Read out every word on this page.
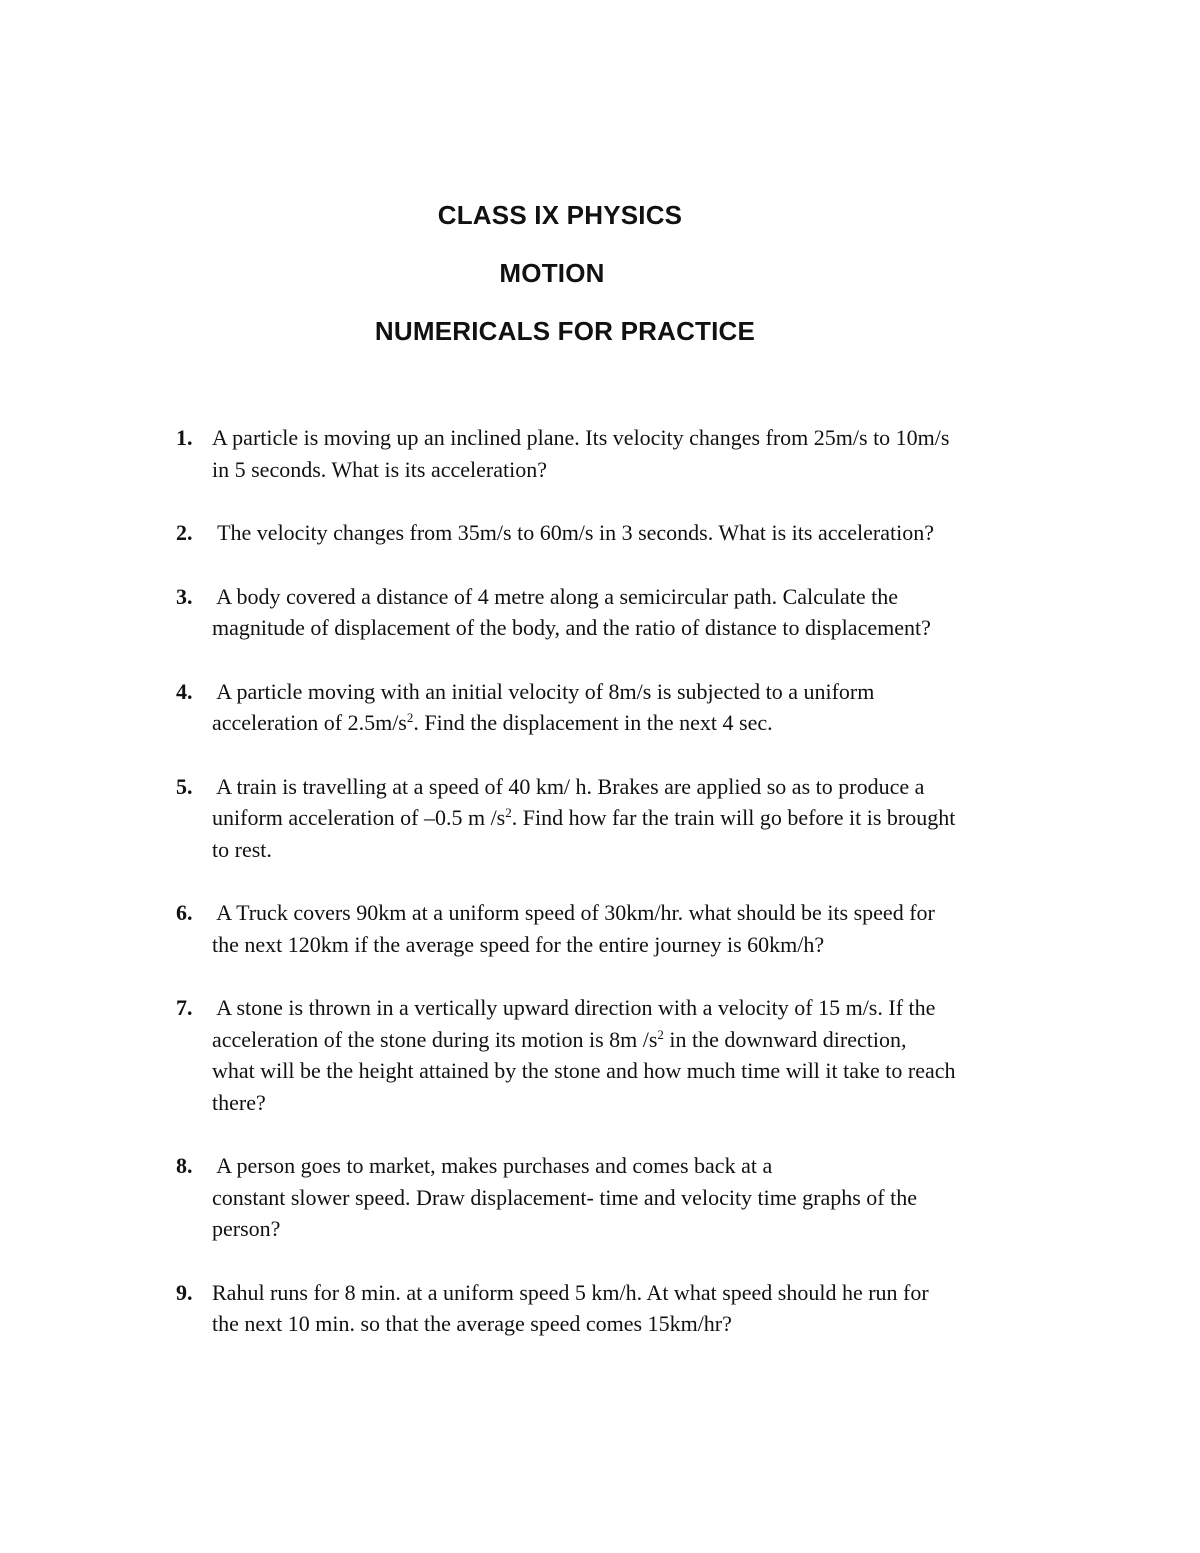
CLASS IX PHYSICS
MOTION
NUMERICALS FOR PRACTICE
1. A particle is moving up an inclined plane. Its velocity changes from 25m/s to 10m/s
in 5 seconds. What is its acceleration?
2. The velocity changes from 35m/s to 60m/s in 3 seconds. What is its acceleration?
3. A body covered a distance of 4 metre along a semicircular path. Calculate the
magnitude of displacement of the body, and the ratio of distance to displacement?
4. A particle moving with an initial velocity of 8m/s is subjected to a uniform
acceleration of $2.5m/s^2$. Find the displacement in the next 4 sec.
5. A train is travelling at a speed of 40 km/ h. Brakes are applied so as to produce a
uniform acceleration of –0.5 m $/s^2$. Find how far the train will go before it is brought
to rest.
6. A Truck covers 90km at a uniform speed of 30km/hr. what should be its speed for
the next 120km if the average speed for the entire journey is 60km/h?
7. A stone is thrown in a vertically upward direction with a velocity of 15 m/s. If the
acceleration of the stone during its motion is 8m $/s^2$ in the downward direction,
what will be the height attained by the stone and how much time will it take to reach
there?
8. A person goes to market, makes purchases and comes back at a
constant slower speed. Draw displacement- time and velocity time graphs of the
person?
9. Rahul runs for 8 min. at a uniform speed 5 km/h. At what speed should he run for
the next 10 min. so that the average speed comes 15km/hr?
